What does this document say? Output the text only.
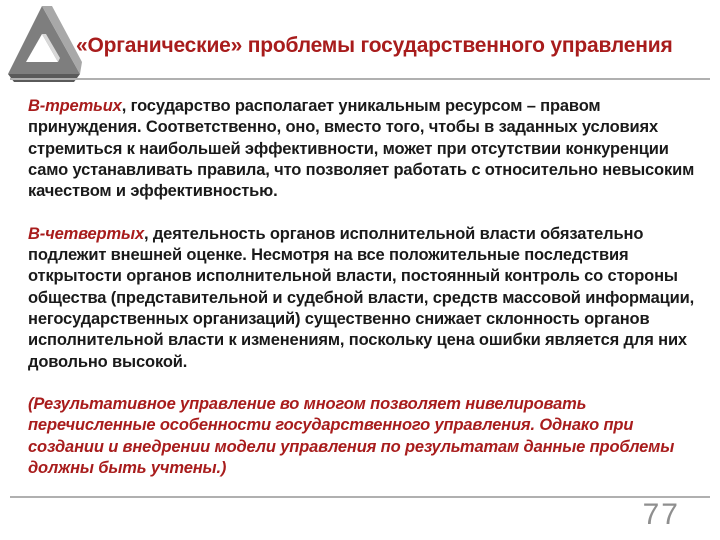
«Органические» проблемы государственного управления

В-третьих, государство располагает уникальным ресурсом – правом принуждения. Соответственно, оно, вместо того, чтобы в заданных условиях стремиться к наибольшей эффективности, может при отсутствии конкуренции само устанавливать правила, что позволяет работать с относительно невысоким качеством и эффективностью.

В-четвертых, деятельность органов исполнительной власти обязательно подлежит внешней оценке. Несмотря на все положительные последствия открытости органов исполнительной власти, постоянный контроль со стороны общества (представительной и судебной власти, средств массовой информации, негосударственных организаций) существенно снижает склонность органов исполнительной власти к изменениям, поскольку цена ошибки является для них довольно высокой.

(Результативное управление во многом позволяет нивелировать перечисленные особенности государственного управления. Однако при создании и внедрении модели управления по результатам данные проблемы должны быть учтены.)

77
